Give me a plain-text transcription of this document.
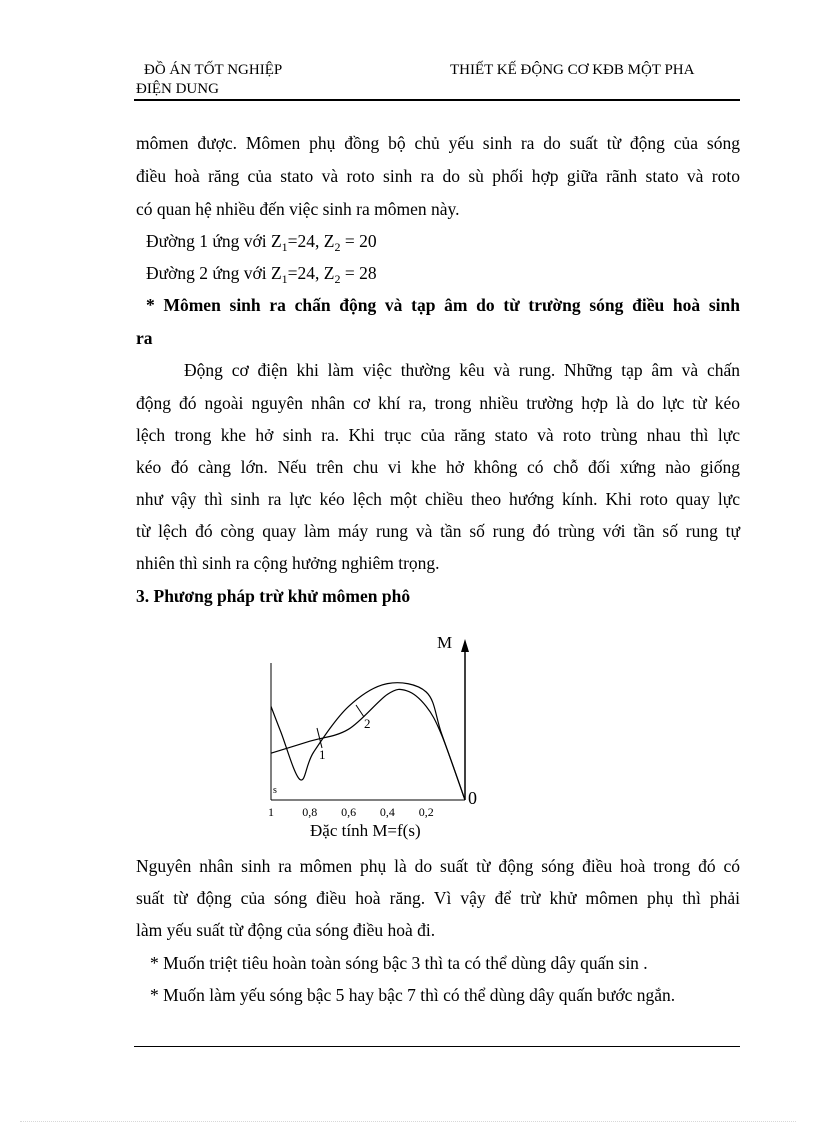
ĐỒ ÁN TỐT NGHIỆP	THIẾT KẾ ĐỘNG CƠ KĐB MỘT PHA
ĐIỆN DUNG
mômen được. Mômen phụ đồng bộ chủ yếu sinh ra do suất từ động của sóng
điều hoà răng của stato và roto sinh ra do sù phối hợp giữa rãnh stato và roto
có quan hệ nhiều đến việc sinh ra mômen này.
Đường 1 ứng với $Z_1=24$, $Z_2 = 20$
Đường 2 ứng với $Z_1=24$, $Z_2 = 28$
* Mômen sinh ra chấn động và tạp âm do từ trường sóng điều hoà sinh
ra
Động cơ điện khi làm việc thường kêu và rung. Những tạp âm và chấn
động đó ngoài nguyên nhân cơ khí ra, trong nhiều trường hợp là do lực từ kéo
lệch trong khe hở sinh ra. Khi trục của răng stato và roto trùng nhau thì lực
kéo đó càng lớn. Nếu trên chu vi khe hở không có chỗ đối xứng nào giống
như vậy thì sinh ra lực kéo lệch một chiều theo hướng kính. Khi roto quay lực
từ lệch đó còng quay làm máy rung và tần số rung đó trùng với tần số rung tự
nhiên thì sinh ra cộng hưởng nghiêm trọng.
3. Phương pháp trừ khử mômen phô
M
0
s
1 0,8 0,6 0,4 0,2
1
2
Đặc tính M=f(s)
Nguyên nhân sinh ra mômen phụ là do suất từ động sóng điều hoà trong đó có
suất từ động của sóng điều hoà răng. Vì vậy để trừ khử mômen phụ thì phải
làm yếu suất từ động của sóng điều hoà đi.
* Muốn triệt tiêu hoàn toàn sóng bậc 3 thì ta có thể dùng dây quấn sin .
* Muốn làm yếu sóng bậc 5 hay bậc 7 thì có thể dùng dây quấn bước ngắn.
